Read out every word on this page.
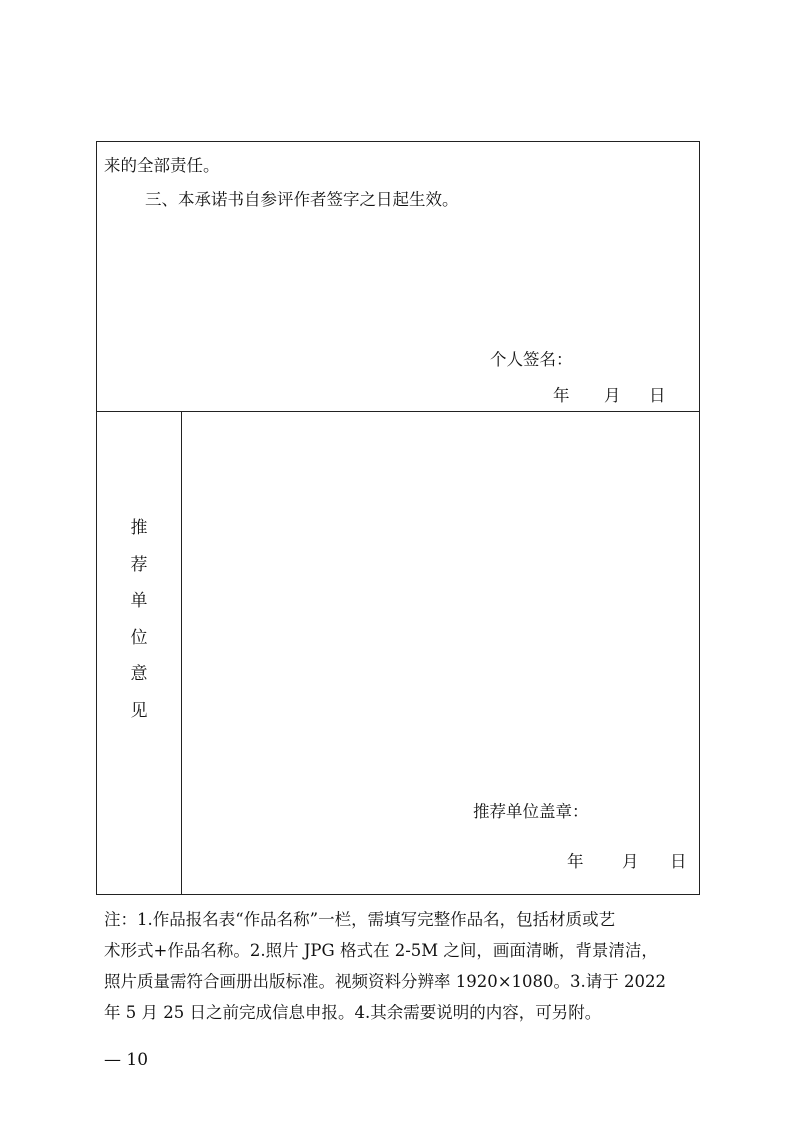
来的全部责任。
三、本承诺书自参评作者签字之日起生效。
个人签名：
年 月 日
推
荐
单
位
意
见
推荐单位盖章：
年 月 日

注：1.作品报名表“作品名称”一栏，需填写完整作品名，包括材质或艺

术形式+作品名称。2.照片 JPG 格式在 2-5M 之间，画面清晰，背景清洁，

照片质量需符合画册出版标准。视频资料分辨率 1920×1080。3.请于 2022

年 5 月 25 日之前完成信息申报。4.其余需要说明的内容，可另附。

— 10
